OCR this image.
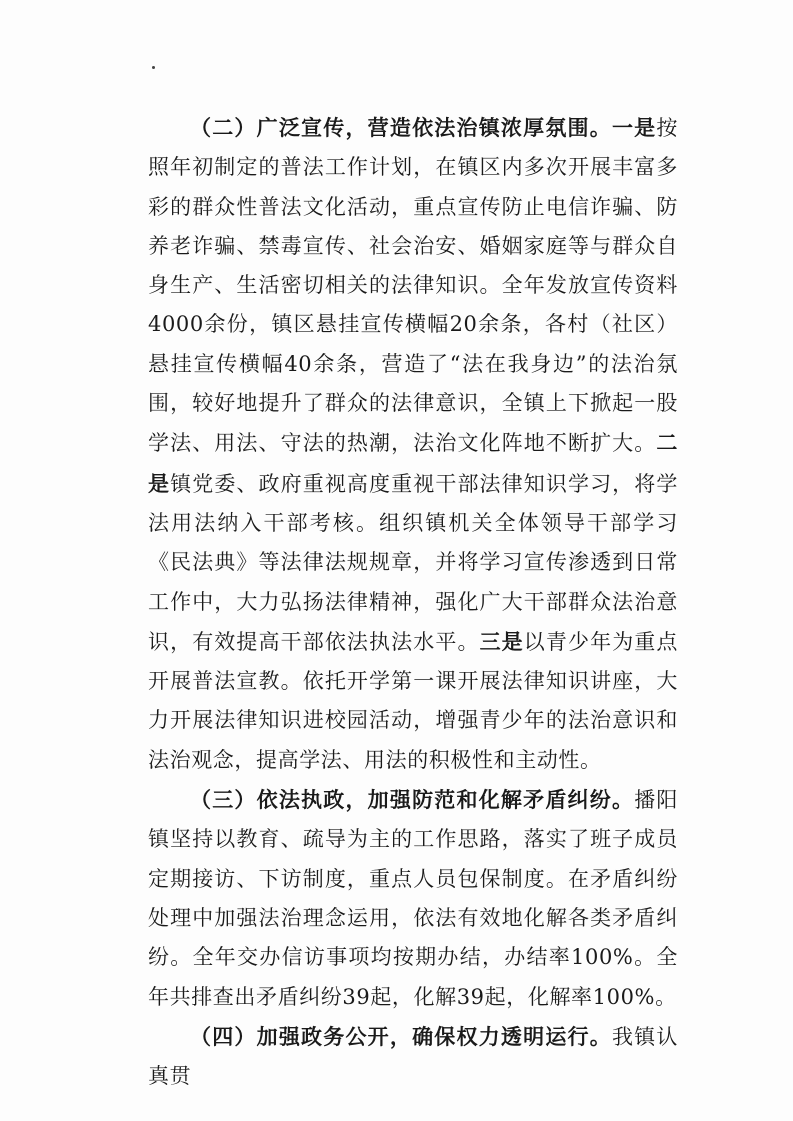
（二）广泛宣传，营造依法治镇浓厚氛围。一是按照年初制定的普法工作计划，在镇区内多次开展丰富多彩的群众性普法文化活动，重点宣传防止电信诈骗、防养老诈骗、禁毒宣传、社会治安、婚姻家庭等与群众自身生产、生活密切相关的法律知识。全年发放宣传资料4000余份，镇区悬挂宣传横幅20余条，各村（社区）悬挂宣传横幅40余条，营造了“法在我身边”的法治氛围，较好地提升了群众的法律意识，全镇上下掀起一股学法、用法、守法的热潮，法治文化阵地不断扩大。二是镇党委、政府重视高度重视干部法律知识学习，将学法用法纳入干部考核。组织镇机关全体领导干部学习《民法典》等法律法规规章，并将学习宣传渗透到日常工作中，大力弘扬法律精神，强化广大干部群众法治意识，有效提高干部依法执法水平。三是以青少年为重点开展普法宣教。依托开学第一课开展法律知识讲座，大力开展法律知识进校园活动，增强青少年的法治意识和法治观念，提高学法、用法的积极性和主动性。

（三）依法执政，加强防范和化解矛盾纠纷。播阳镇坚持以教育、疏导为主的工作思路，落实了班子成员定期接访、下访制度，重点人员包保制度。在矛盾纠纷处理中加强法治理念运用，依法有效地化解各类矛盾纠纷。全年交办信访事项均按期办结，办结率100%。全年共排查出矛盾纠纷39起，化解39起，化解率100%。

（四）加强政务公开，确保权力透明运行。我镇认真贯
